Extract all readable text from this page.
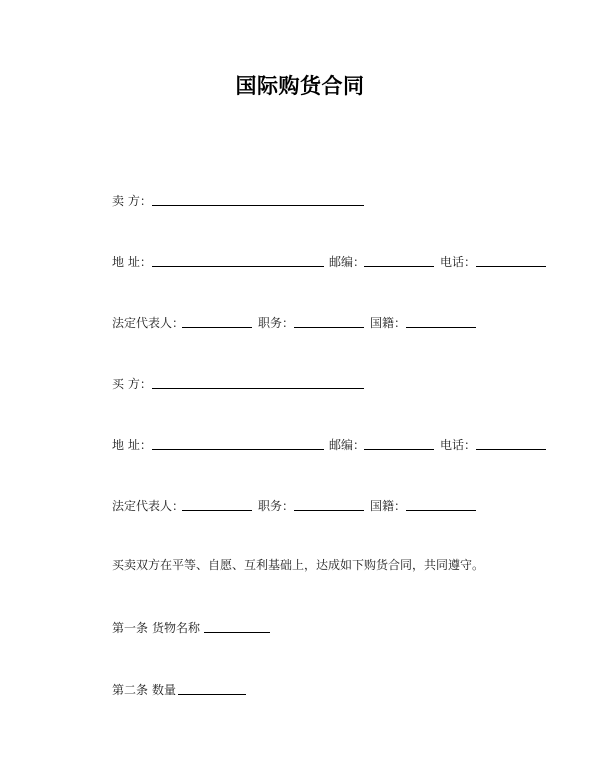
国际购货合同
卖 方：
地 址：	邮编：	电话：
法定代表人：	职务：	国籍：
买 方：
地 址：	邮编：	电话：
法定代表人：	职务：	国籍：
买卖双方在平等、自愿、互利基础上，达成如下购货合同，共同遵守。
第一条 货物名称
第二条 数量
